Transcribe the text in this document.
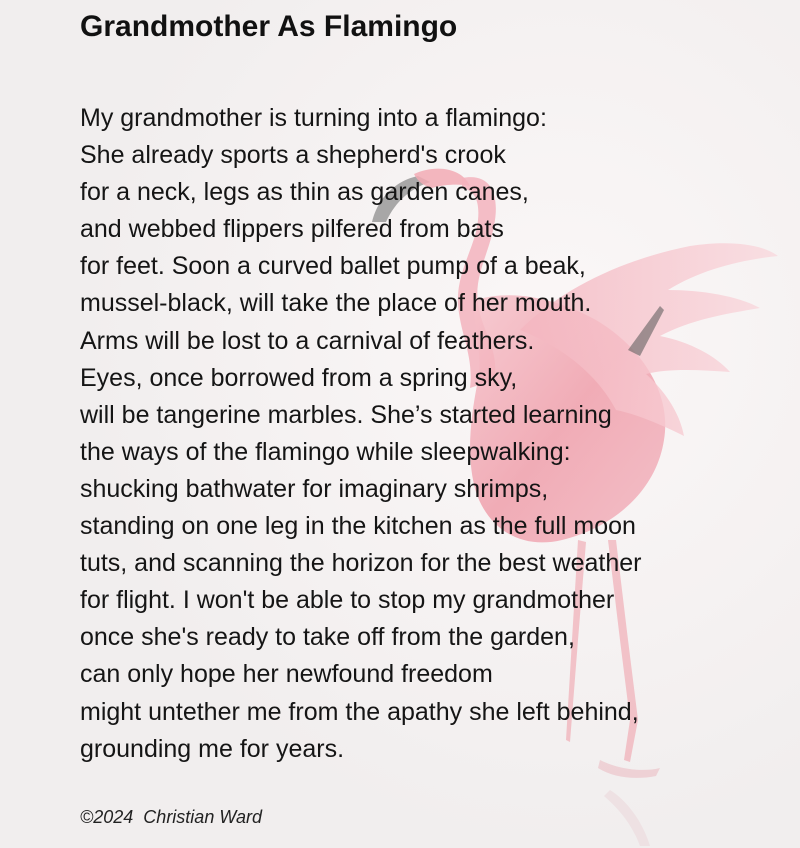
Grandmother As Flamingo
My grandmother is turning into a flamingo:
She already sports a shepherd's crook
for a neck, legs as thin as garden canes,
and webbed flippers pilfered from bats
for feet. Soon a curved ballet pump of a beak,
mussel-black, will take the place of her mouth.
Arms will be lost to a carnival of feathers.
Eyes, once borrowed from a spring sky,
will be tangerine marbles. She’s started learning
the ways of the flamingo while sleepwalking:
shucking bathwater for imaginary shrimps,
standing on one leg in the kitchen as the full moon
tuts, and scanning the horizon for the best weather
for flight. I won't be able to stop my grandmother
once she's ready to take off from the garden,
can only hope her newfound freedom
might untether me from the apathy she left behind,
grounding me for years.
©2024  Christian Ward
